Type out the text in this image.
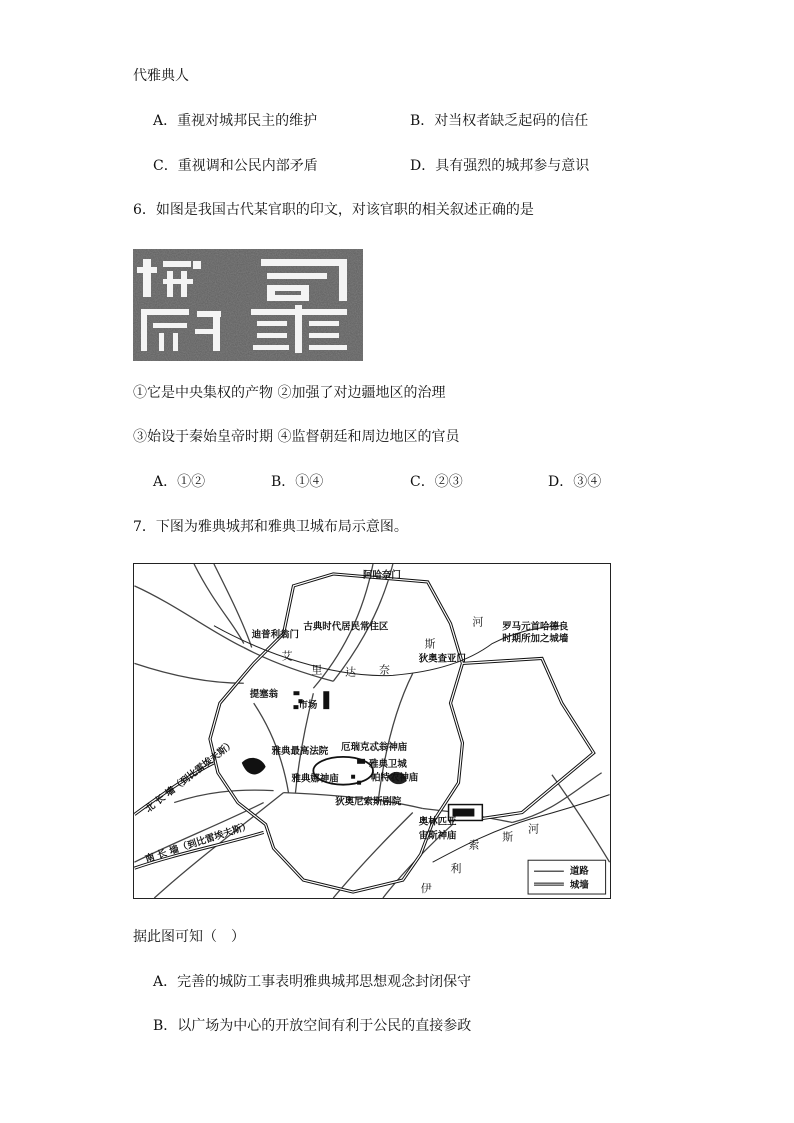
代雅典人
A．重视对城邦民主的维护	B．对当权者缺乏起码的信任
C．重视调和公民内部矛盾	D．具有强烈的城邦参与意识
6．如图是我国古代某官职的印文，对该官职的相关叙述正确的是
①它是中央集权的产物 ②加强了对边疆地区的治理
③始设于秦始皇帝时期 ④监督朝廷和周边地区的官员
A．①②	B．①④	C．②③	D．③④
7．下图为雅典城邦和雅典卫城布局示意图。
阿哈奈门
古典时代居民常住区
迪普利翁门
罗马元首哈德良
时期所加之城墙
狄奥查亚门
提塞翁
市场
雅典最高法院 厄瑞克忒翁神庙
雅典卫城
雅典娜神庙	帕特农神庙
狄奥尼索斯剧院
奥林匹亚
宙斯神庙
北 长 墙（到比雷埃夫斯）
南 长 墙（到比雷埃夫斯）
艾
里 达 奈
斯
河
伊
利
索
斯
河
道路
城墙
据此图可知（　）
A．完善的城防工事表明雅典城邦思想观念封闭保守
B．以广场为中心的开放空间有利于公民的直接参政
